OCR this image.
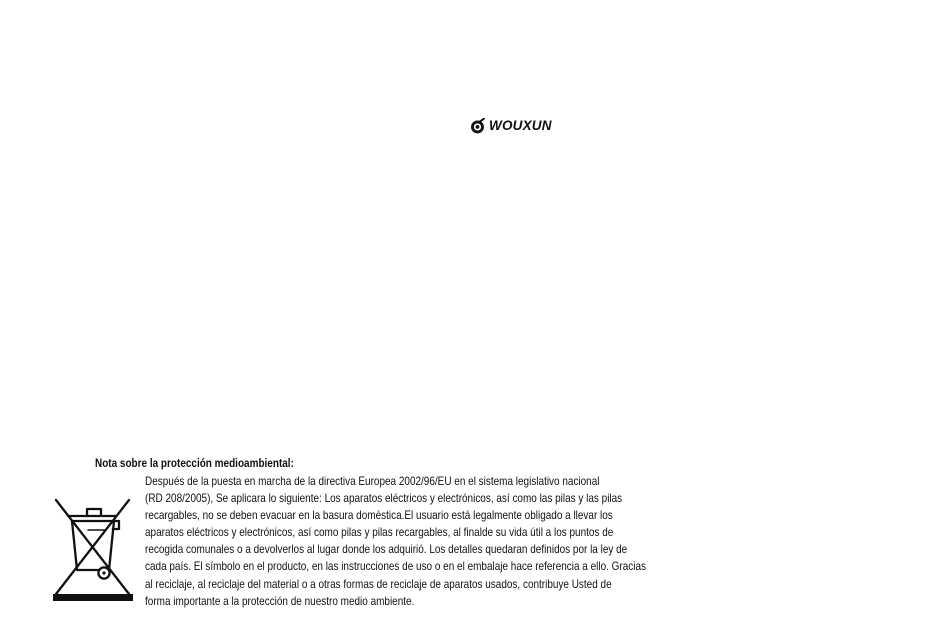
WOUXUN
Nota sobre la protección medioambiental:
Después de la puesta en marcha de la directiva Europea 2002/96/EU en el sistema legislativo nacional
(RD 208/2005), Se aplicara lo siguiente: Los aparatos eléctricos y electrónicos, así como las pilas y las pilas
recargables, no se deben evacuar en la basura doméstica.El usuario está legalmente obligado a llevar los
aparatos eléctricos y electrónicos, así como pilas y pilas recargables, al finalde su vida útil a los puntos de
recogida comunales o a devolverlos al lugar donde los adquirió. Los detalles quedaran definidos por la ley de
cada país. El símbolo en el producto, en las instrucciones de uso o en el embalaje hace referencia a ello. Gracias
al reciclaje, al reciclaje del material o a otras formas de reciclaje de aparatos usados, contribuye Usted de
forma importante a la protección de nuestro medio ambiente.
